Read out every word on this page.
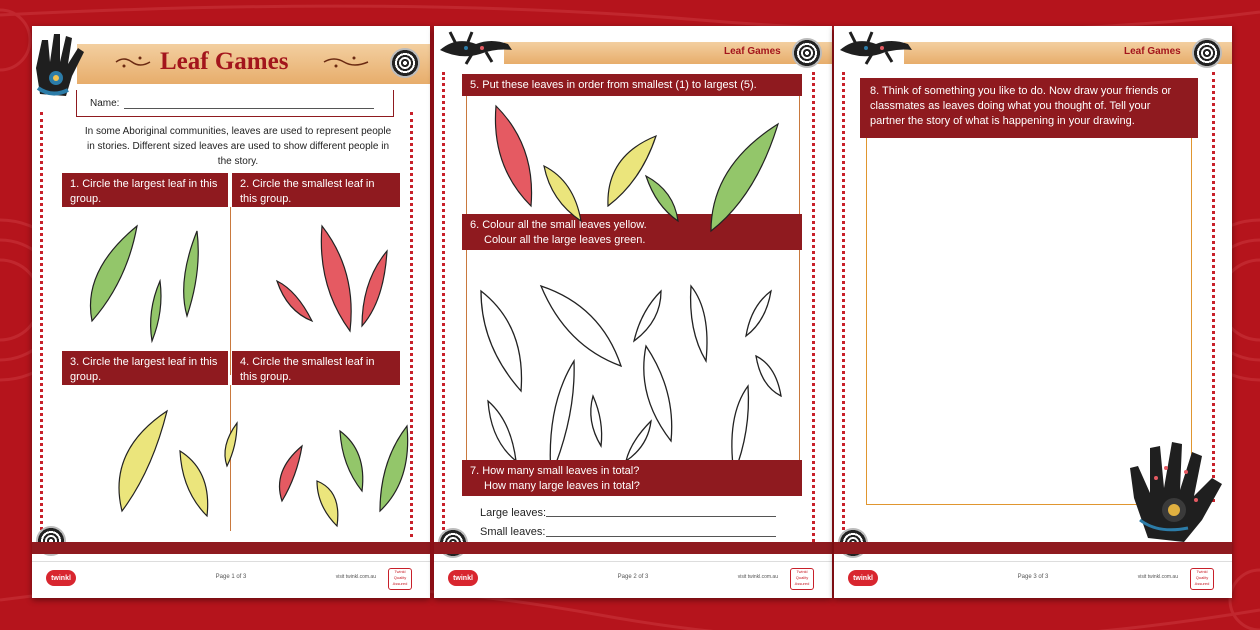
Leaf Games
Name:
In some Aboriginal communities, leaves are used to represent people in stories. Different sized leaves are used to show different people in the story.
1. Circle the largest leaf in this group.
2. Circle the smallest leaf in this group.
3. Circle the largest leaf in this group.
4. Circle the smallest leaf in this group.
twinkl	Page 1 of 3	visit twinkl.com.au
Twinkl Quality Assured
Leaf Games
5. Put these leaves in order from smallest (1) to largest (5).
6. Colour all the small leaves yellow.
Colour all the large leaves green.
7. How many small leaves in total?
How many large leaves in total?
Large leaves:
Small leaves:
twinkl	Page 2 of 3	visit twinkl.com.au
Twinkl Quality Assured
Leaf Games
8. Think of something you like to do. Now draw your friends or classmates as leaves doing what you thought of. Tell your partner the story of what is happening in your drawing.
twinkl	Page 3 of 3	visit twinkl.com.au
Twinkl Quality Assured
